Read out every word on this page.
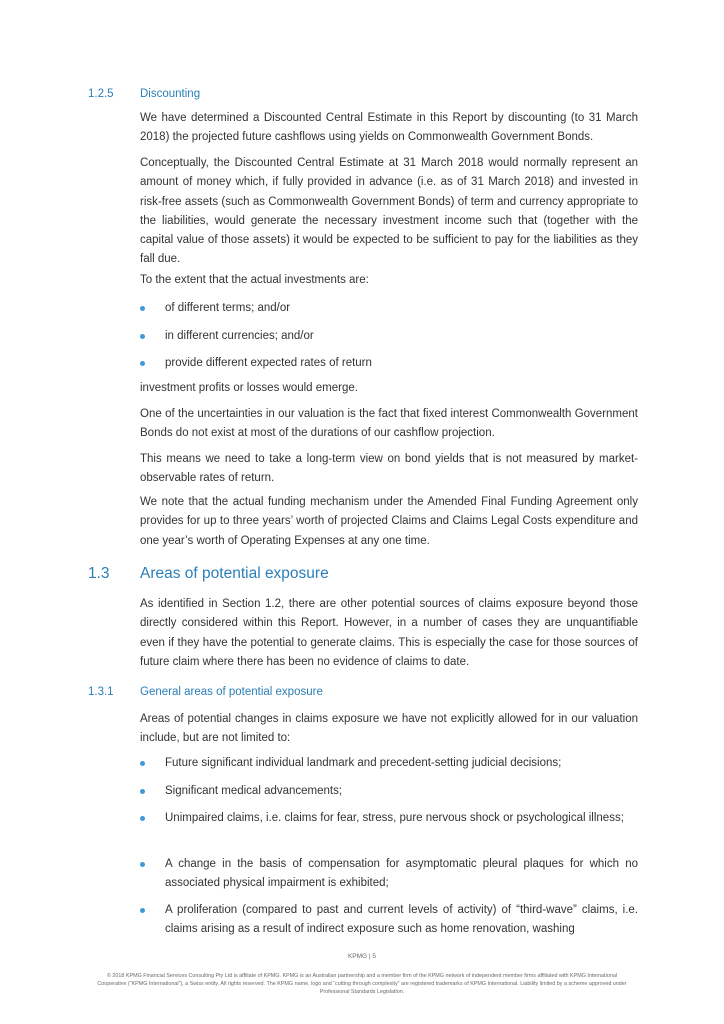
1.2.5 Discounting

We have determined a Discounted Central Estimate in this Report by discounting (to 31 March 2018) the projected future cashflows using yields on Commonwealth Government Bonds.

Conceptually, the Discounted Central Estimate at 31 March 2018 would normally represent an amount of money which, if fully provided in advance (i.e. as of 31 March 2018) and invested in risk-free assets (such as Commonwealth Government Bonds) of term and currency appropriate to the liabilities, would generate the necessary investment income such that (together with the capital value of those assets) it would be expected to be sufficient to pay for the liabilities as they fall due.

To the extent that the actual investments are:

of different terms; and/or
in different currencies; and/or
provide different expected rates of return

investment profits or losses would emerge.

One of the uncertainties in our valuation is the fact that fixed interest Commonwealth Government Bonds do not exist at most of the durations of our cashflow projection.

This means we need to take a long-term view on bond yields that is not measured by market-observable rates of return.

We note that the actual funding mechanism under the Amended Final Funding Agreement only provides for up to three years’ worth of projected Claims and Claims Legal Costs expenditure and one year’s worth of Operating Expenses at any one time.

1.3 Areas of potential exposure

As identified in Section 1.2, there are other potential sources of claims exposure beyond those directly considered within this Report. However, in a number of cases they are unquantifiable even if they have the potential to generate claims. This is especially the case for those sources of future claim where there has been no evidence of claims to date.

1.3.1 General areas of potential exposure

Areas of potential changes in claims exposure we have not explicitly allowed for in our valuation include, but are not limited to:

Future significant individual landmark and precedent-setting judicial decisions;
Significant medical advancements;
Unimpaired claims, i.e. claims for fear, stress, pure nervous shock or psychological illness;
A change in the basis of compensation for asymptomatic pleural plaques for which no associated physical impairment is exhibited;
A proliferation (compared to past and current levels of activity) of “third-wave” claims, i.e. claims arising as a result of indirect exposure such as home renovation, washing
KPMG | 5
© 2018 KPMG Financial Services Consulting Pty Ltd is affiliate of KPMG. KPMG is an Australian partnership and a member firm of the KPMG network of independent member firms affiliated with KPMG International Cooperative (“KPMG International”), a Swiss entity. All rights reserved. The KPMG name, logo and “cutting through complexity” are registered trademarks of KPMG International. Liability limited by a scheme approved under Professional Standards Legislation.
